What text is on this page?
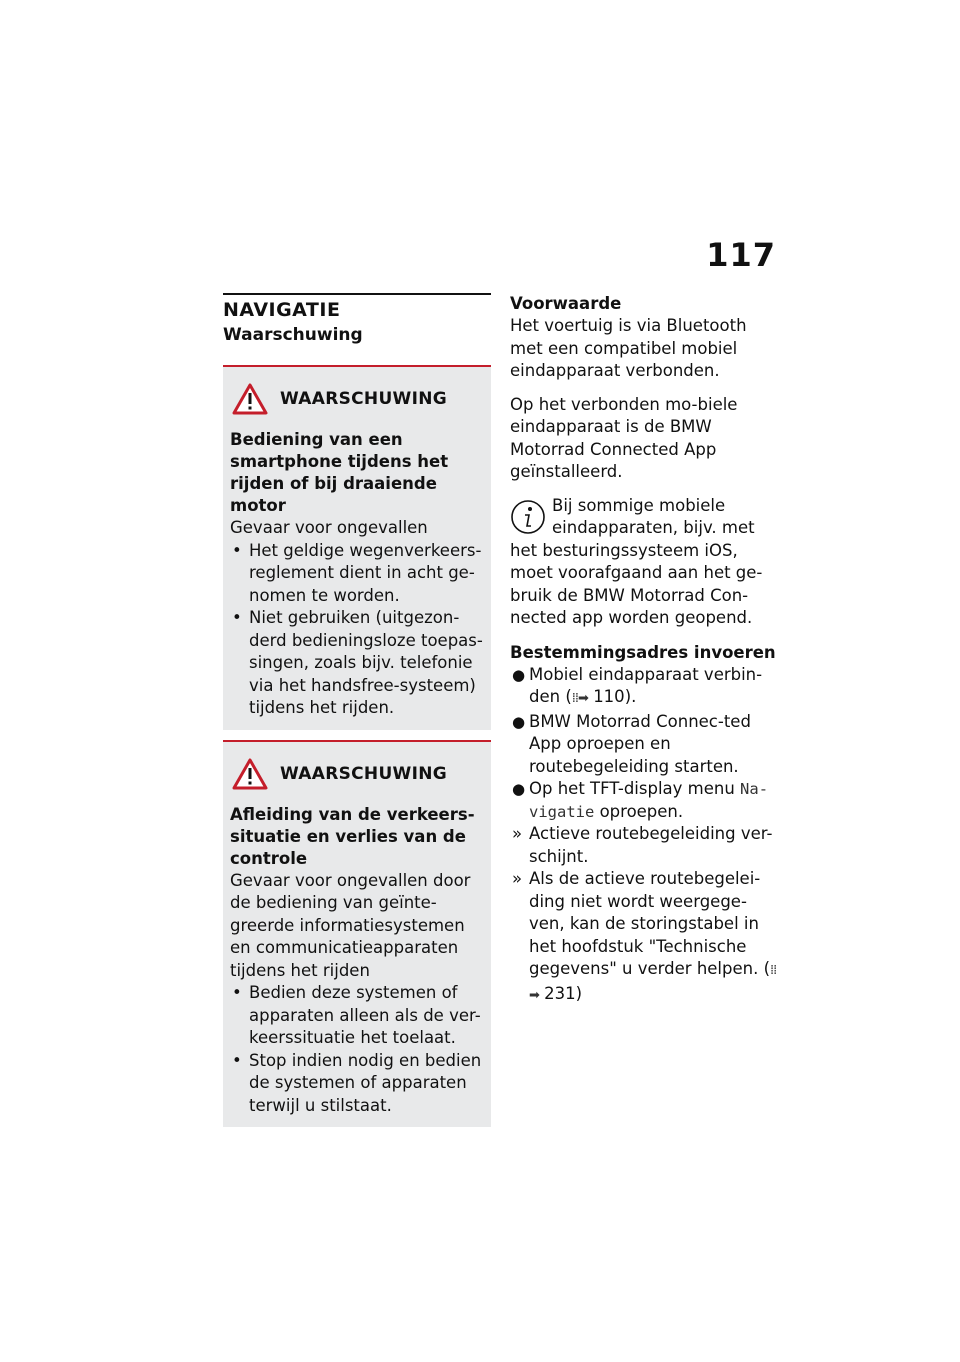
117
NAVIGATIE
Waarschuwing
WAARSCHUWING
Bediening van een smartphone tijdens het rijden of bij draaiende motor
Gevaar voor ongevallen
• Het geldige wegenverkeers-reglement dient in acht ge-nomen te worden.
• Niet gebruiken (uitgezon-derd bedieningsloze toepas-singen, zoals bijv. telefonie via het handsfree-systeem) tijdens het rijden.
WAARSCHUWING
Afleiding van de verkeers-situatie en verlies van de controle
Gevaar voor ongevallen door de bediening van geïnte-greerde informatiesystemen en communicatieapparaten tijdens het rijden
• Bedien deze systemen of apparaten alleen als de ver-keerssituatie het toelaat.
• Stop indien nodig en bedien de systemen of apparaten terwijl u stilstaat.
Voorwaarde

Het voertuig is via Bluetooth met een compatibel mobiel eindapparaat verbonden.

Op het verbonden mo-biele eindapparaat is de BMW Motorrad Connected App geïnstalleerd.

Bij sommige mobiele eindapparaten, bijv. met het besturingssysteem iOS, moet voorafgaand aan het ge-bruik de BMW Motorrad Con-nected app worden geopend.
Bestemmingsadres invoeren
● Mobiel eindapparaat verbin-den (⁞⁞➡ 110).
● BMW Motorrad Connec-ted App oproepen en routebegeleiding starten.
● Op het TFT-display menu Na-vigatie oproepen.
» Actieve routebegeleiding ver-schijnt.
» Als de actieve routebegelei-ding niet wordt weergege-ven, kan de storingstabel in het hoofdstuk "Technische gegevens" u verder helpen. (⁞⁞➡ 231)
